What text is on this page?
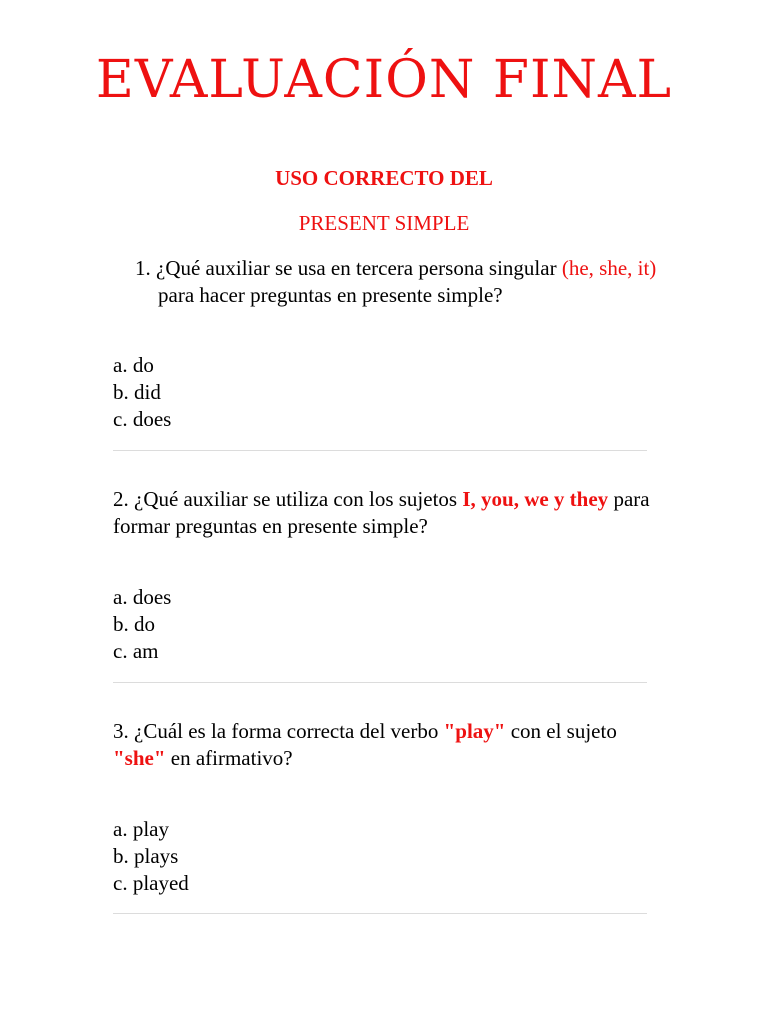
EVALUACIÓN FINAL

USO CORRECTO DEL

PRESENT SIMPLE

1. ¿Qué auxiliar se usa en tercera persona singular (he, she, it) para hacer preguntas en presente simple?

a. do
b. did
c. does

2. ¿Qué auxiliar se utiliza con los sujetos I, you, we y they para formar preguntas en presente simple?

a. does
b. do
c. am

3. ¿Cuál es la forma correcta del verbo "play" con el sujeto "she" en afirmativo?

a. play
b. plays
c. played
